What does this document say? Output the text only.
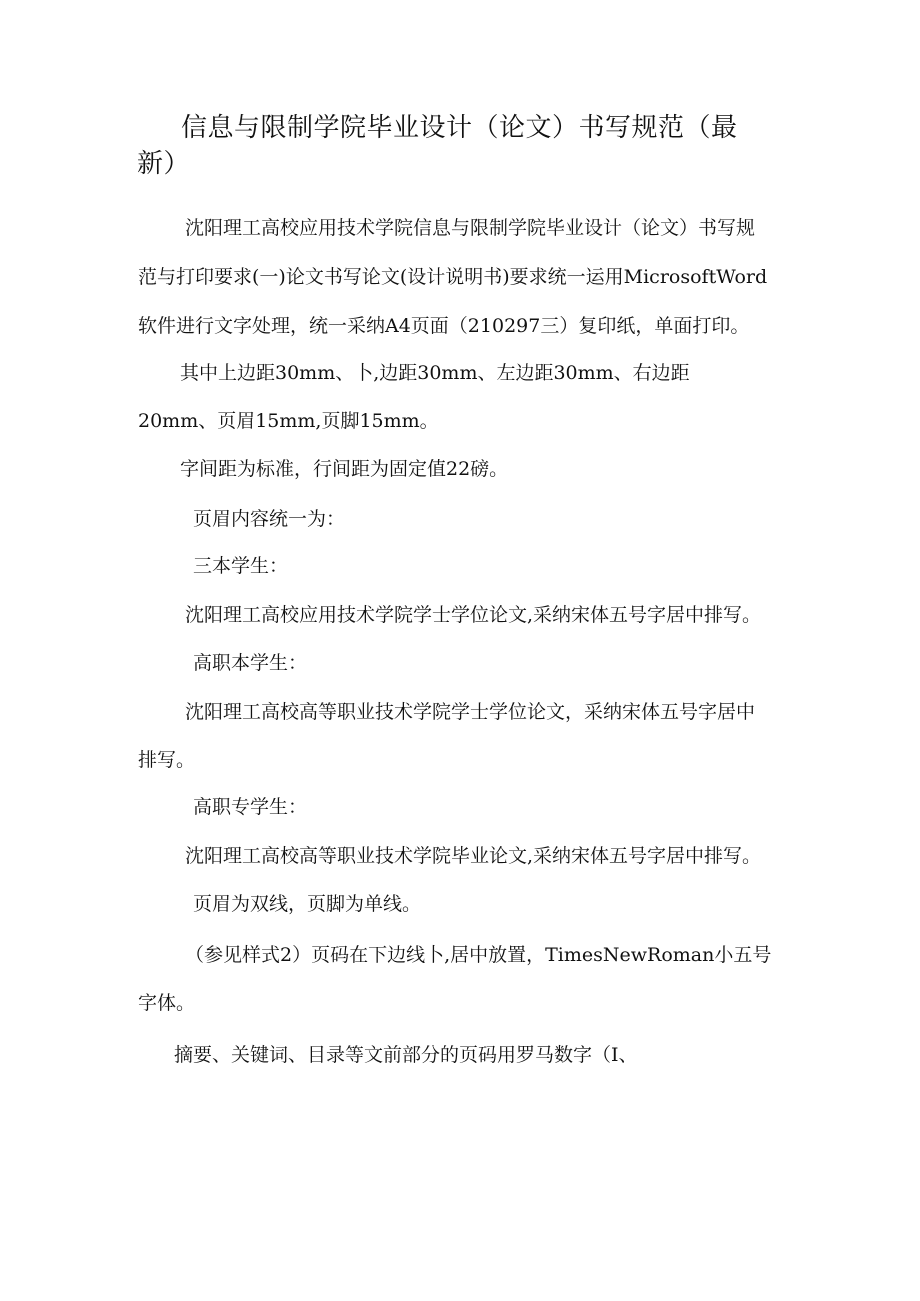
信息与限制学院毕业设计（论文）书写规范（最
新）

沈阳理工高校应用技术学院信息与限制学院毕业设计（论文）书写规

范与打印要求(一)论文书写论文(设计说明书)要求统一运用MicrosoftWord

软件进行文字处理，统一采纳A4页面（210297三）复印纸，单面打印。

其中上边距30mm、卜,边距30mm、左边距30mm、右边距

20mm、页眉15mm,页脚15mm。

字间距为标准，行间距为固定值22磅。

页眉内容统一为：

三本学生：

沈阳理工高校应用技术学院学士学位论文,采纳宋体五号字居中排写。

高职本学生：

沈阳理工高校高等职业技术学院学士学位论文，采纳宋体五号字居中

排写。

高职专学生：

沈阳理工高校高等职业技术学院毕业论文,采纳宋体五号字居中排写。

页眉为双线，页脚为单线。

（参见样式2）页码在下边线卜,居中放置，TimesNewRoman小五号

字体。

摘要、关键词、目录等文前部分的页码用罗马数字（I、
